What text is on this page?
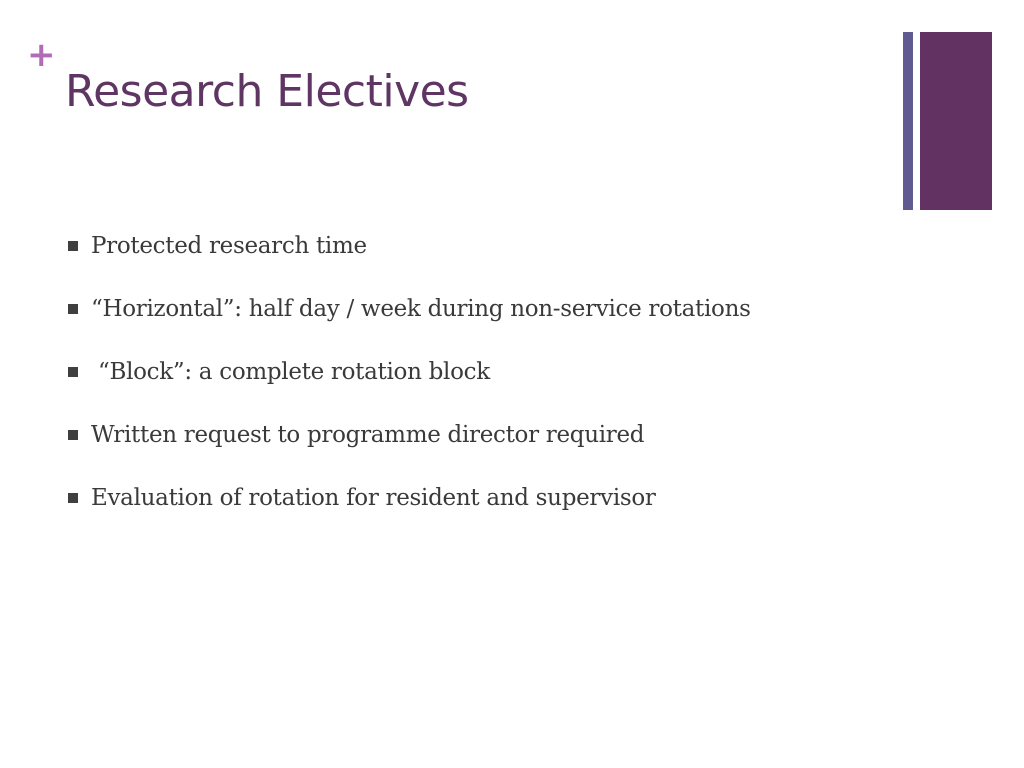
+
Research Electives
Protected research time
“Horizontal”: half day / week during non-service rotations
“Block”: a complete rotation block
Written request to programme director required
Evaluation of rotation for resident and supervisor
